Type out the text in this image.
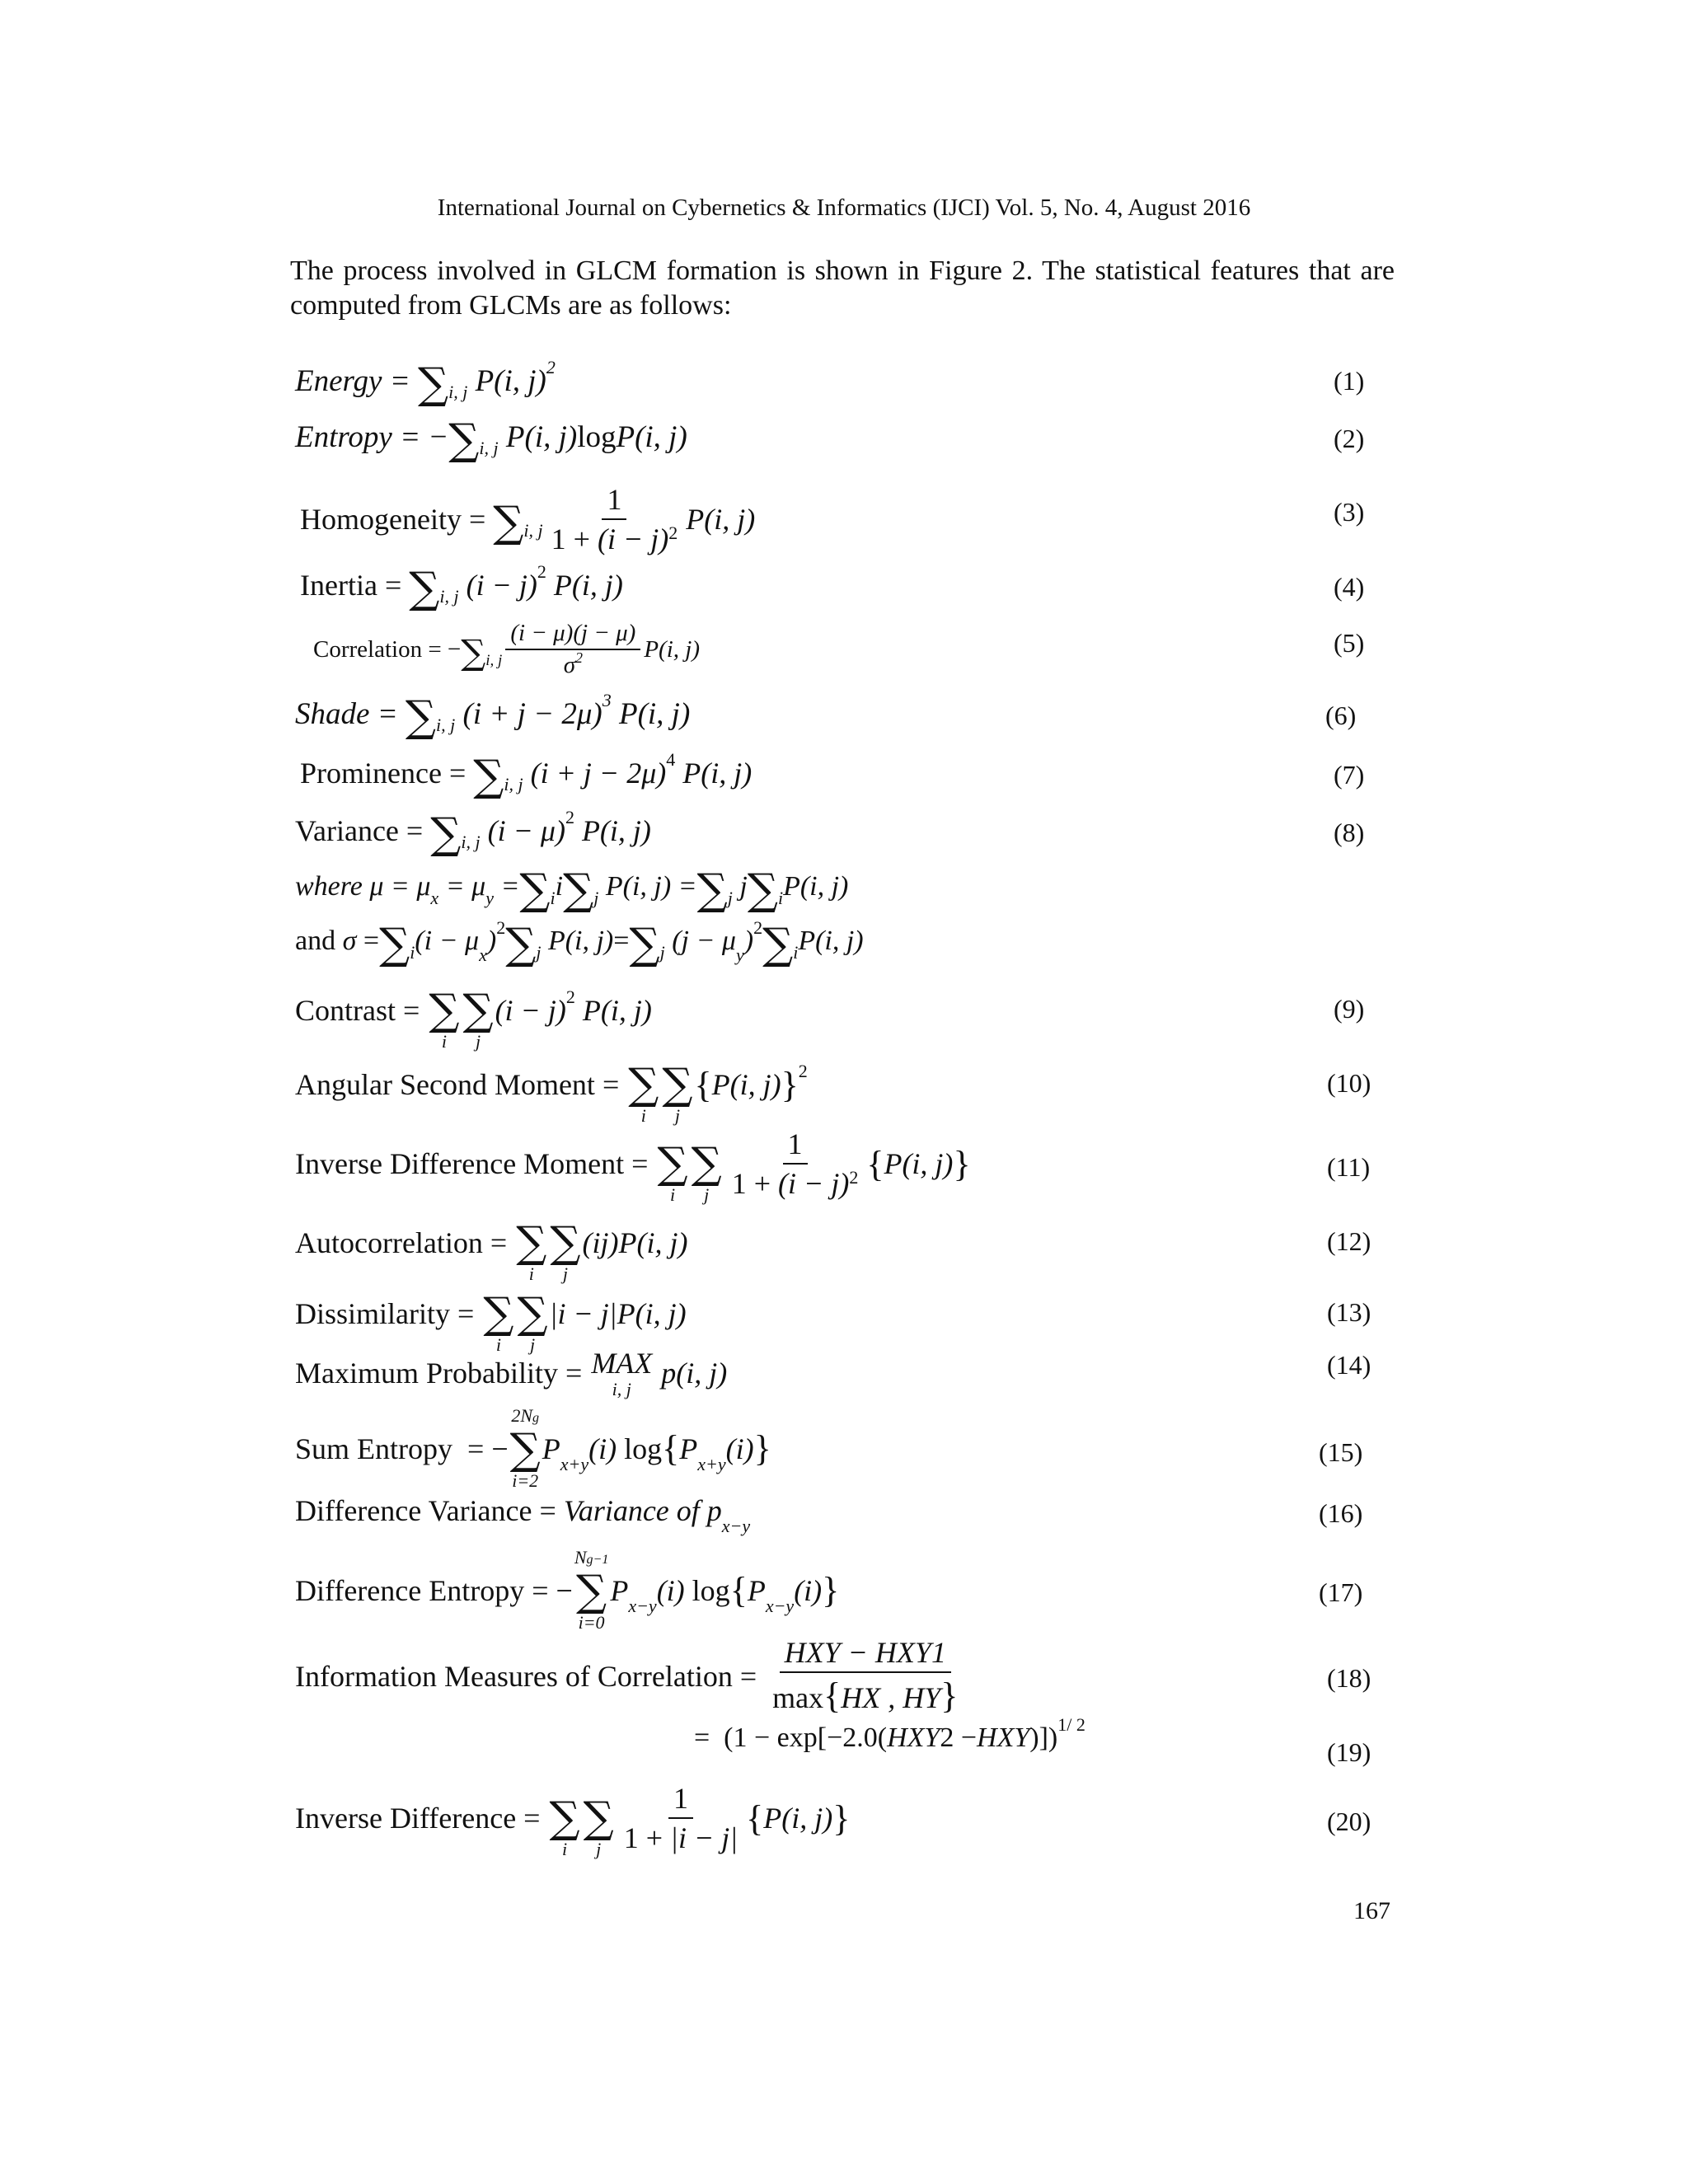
International Journal on Cybernetics & Informatics (IJCI) Vol. 5, No. 4, August 2016
The process involved in GLCM formation is shown in Figure 2. The statistical features that are
computed from GLCMs are as follows:
Energy = ∑ i, j
P(i, j) 2	(1)
Entropy = − ∑ i, j
P(i, j) log P(i, j)	(2)
Homogeneity = ∑ i, j $\frac{1}{1 + (i - j)^2} P(i$, j)	(3)
Inertia = ∑ i, j
(i − j) 2
P(i, j)	(4)
Correlation = − ∑ i, j $\frac{(i - \mu)(j - \mu)}{\sigma^2} P(i$, j)	(5)
Shade = ∑ i, j
(i + j − 2μ) 3
P(i, j)	(6)
Prominence = ∑ i, j
(i + j − 2μ) 4
P(i, j)	(7)
Variance = ∑ i, j
(i − μ) 2
P(i, j)	(8)
where μ = μ x = μ y = ∑ i i ∑ j P(i, j) = ∑ j j ∑ i P(i, j)
and σ = ∑ i $(i - \mu_x)$ 2 ∑ j
P(i, j) = ∑ j
$(j - \mu_y)$ 2 ∑ i P(i, j)
Contrast =
∑
i

∑
j
(i − j) 2
P(i, j)	(9)
Angular Second Moment =
∑
i

∑
j
{ P(i, j) } 2	(10)
Inverse Difference Moment =
∑
i

∑
j $\frac{1}{1 + (i - j)^2}$ { P(i, j) }	(11)
Autocorrelation =
∑
i

∑
j
(ij)P(i, j)	(12)
Dissimilarity =
∑
i

∑
j
|i − j|P(i, j)	(13)
Maximum Probability = MAX
i, j
p(i, j)	(14)
Sum Entropy = −
2Ng
∑
i=2
$P_{x+y}(i)$ log { $P_{x+y}(i)$ }	(15)
Difference Variance = Variance of $p_{x-y}$	(16)
Difference Entropy = −
Ng−1
∑
i=0
$P_{x-y}(i)$ log { $P_{x-y}(i)$ }	(17)
Information Measures of Correlation = $\frac{\text{HXY − HXY1}}{\max\{HX , HY\}}$	(18)
=  (1 − exp[−2.0( HXY 2 − HXY )]) 1/ 2
(19)
Inverse Difference =
∑
i

∑
j $\frac{1}{1 + |i - j|}$ { P(i, j) }	(20)
167
